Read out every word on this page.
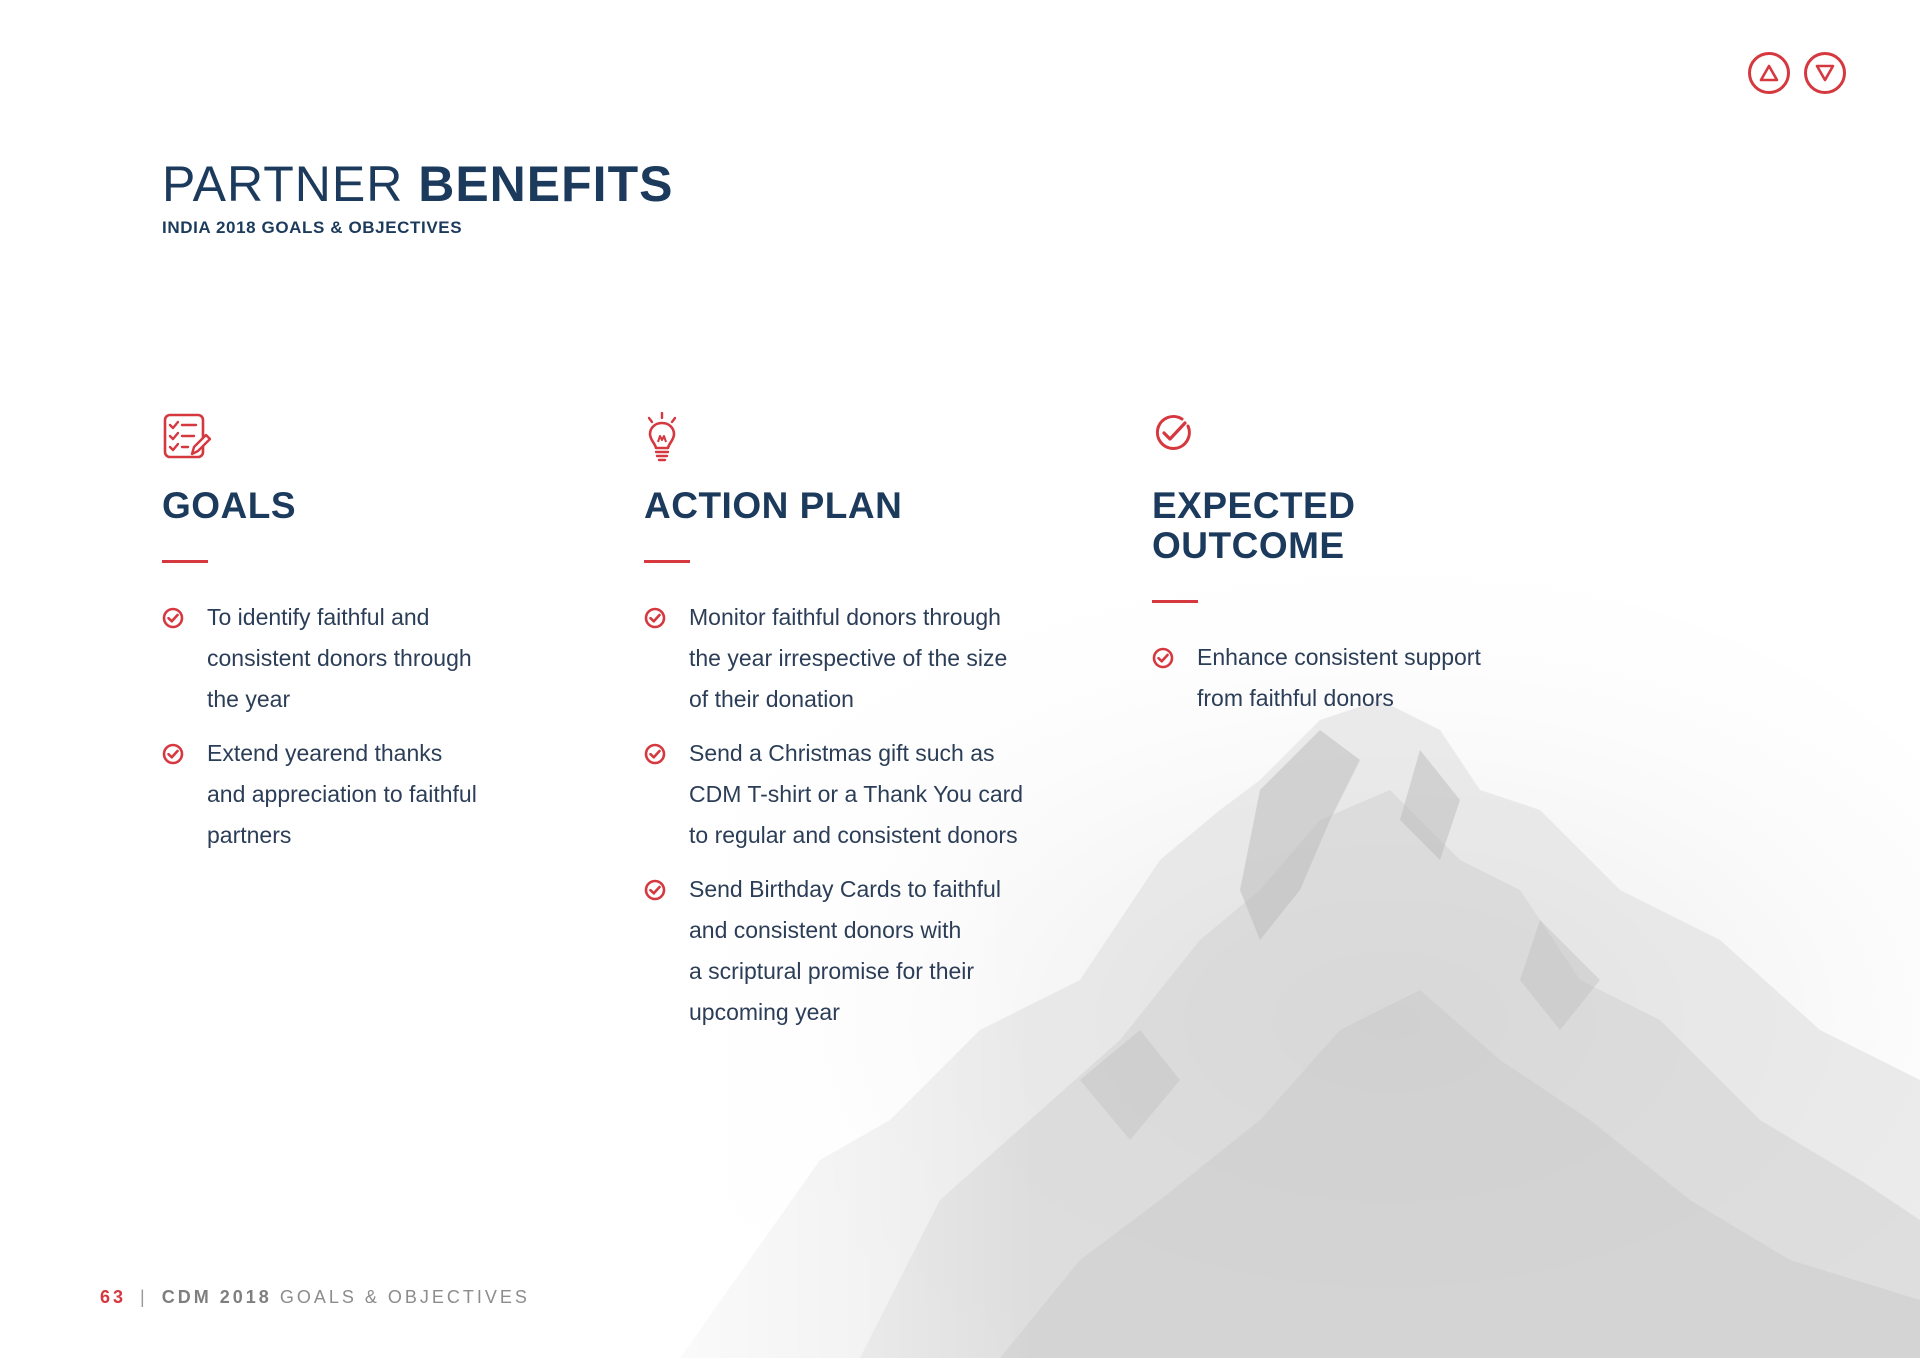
PARTNER BENEFITS
INDIA 2018 GOALS & OBJECTIVES
GOALS
To identify faithful and
consistent donors through
the year
Extend yearend thanks
and appreciation to faithful
partners
ACTION PLAN
Monitor faithful donors through
the year irrespective of the size
of their donation
Send a Christmas gift such as
CDM T-shirt or a Thank You card
to regular and consistent donors
Send Birthday Cards to faithful
and consistent donors with
a scriptural promise for their
upcoming year
EXPECTED
OUTCOME
Enhance consistent support
from faithful donors
63 | CDM 2018 GOALS & OBJECTIVES
